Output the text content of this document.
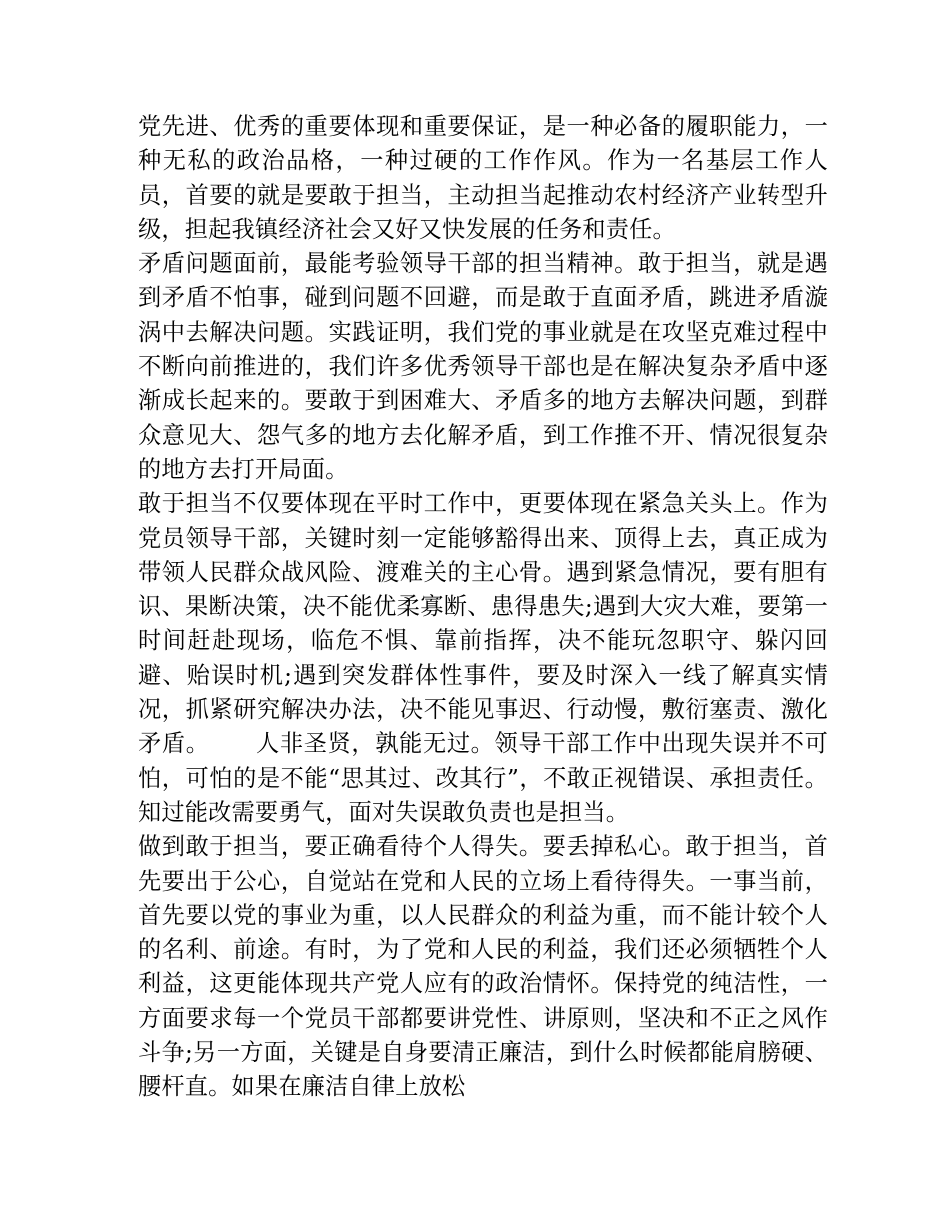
党先进、优秀的重要体现和重要保证，是一种必备的履职能力，一种无私的政治品格，一种过硬的工作作风。作为一名基层工作人员，首要的就是要敢于担当，主动担当起推动农村经济产业转型升级，担起我镇经济社会又好又快发展的任务和责任。

矛盾问题面前，最能考验领导干部的担当精神。敢于担当，就是遇到矛盾不怕事，碰到问题不回避，而是敢于直面矛盾，跳进矛盾漩涡中去解决问题。实践证明，我们党的事业就是在攻坚克难过程中不断向前推进的，我们许多优秀领导干部也是在解决复杂矛盾中逐渐成长起来的。要敢于到困难大、矛盾多的地方去解决问题，到群众意见大、怨气多的地方去化解矛盾，到工作推不开、情况很复杂的地方去打开局面。

敢于担当不仅要体现在平时工作中，更要体现在紧急关头上。作为党员领导干部，关键时刻一定能够豁得出来、顶得上去，真正成为带领人民群众战风险、渡难关的主心骨。遇到紧急情况，要有胆有识、果断决策，决不能优柔寡断、患得患失;遇到大灾大难，要第一时间赶赴现场，临危不惧、靠前指挥，决不能玩忽职守、躲闪回避、贻误时机;遇到突发群体性事件，要及时深入一线了解真实情况，抓紧研究解决办法，决不能见事迟、行动慢，敷衍塞责、激化矛盾。 人非圣贤，孰能无过。领导干部工作中出现失误并不可怕，可怕的是不能“思其过、改其行”，不敢正视错误、承担责任。知过能改需要勇气，面对失误敢负责也是担当。

做到敢于担当，要正确看待个人得失。要丢掉私心。敢于担当，首先要出于公心，自觉站在党和人民的立场上看待得失。一事当前，首先要以党的事业为重，以人民群众的利益为重，而不能计较个人的名利、前途。有时，为了党和人民的利益，我们还必须牺牲个人利益，这更能体现共产党人应有的政治情怀。保持党的纯洁性，一方面要求每一个党员干部都要讲党性、讲原则，坚决和不正之风作斗争;另一方面，关键是自身要清正廉洁，到什么时候都能肩膀硬、腰杆直。如果在廉洁自律上放松
